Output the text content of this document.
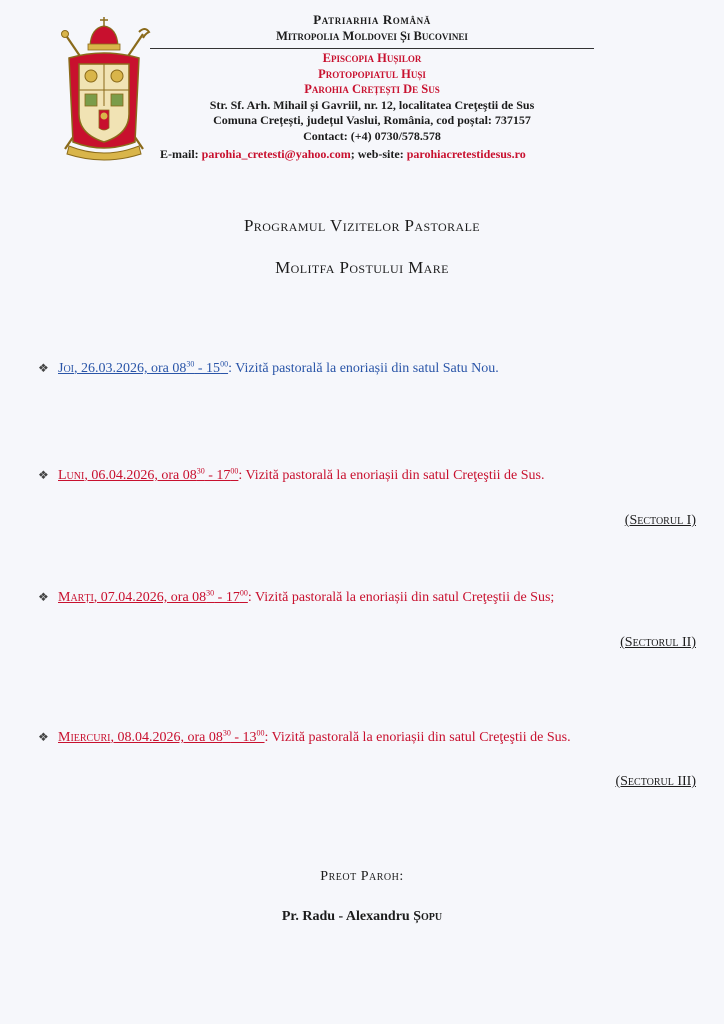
Patriarhia Română
Mitropolia Moldovei Și Bucovinei
Episcopia Hușilor
Protopopiatul Huși
Parohia Crețești De Sus
Str. Sf. Arh. Mihail și Gavriil, nr. 12, localitatea Creţeştii de Sus
Comuna Crețești, județul Vaslui, România, cod poștal: 737157
Contact: (+4) 0730/578.578
E-mail: parohia_cretesti@yahoo.com; web-site: parohiacretestidesus.ro
Programul Vizitelor Pastorale
Molitfa Postului Mare
❖ Joi, 26.03.2026, ora $08^{30} - 15^{00}$: Vizită pastorală la enoriașii din satul Satu Nou.
❖ Luni, 06.04.2026, ora $08^{30} - 17^{00}$: Vizită pastorală la enoriașii din satul Creţeştii de Sus.
(Sectorul I)
❖ Marți, 07.04.2026, ora $08^{30} - 17^{00}$: Vizită pastorală la enoriașii din satul Creţeştii de Sus;
(Sectorul II)
❖ Miercuri, 08.04.2026, ora $08^{30} - 13^{00}$: Vizită pastorală la enoriașii din satul Creţeştii de Sus.
(Sectorul III)
Preot Paroh:
Pr. Radu - Alexandru Șopu
